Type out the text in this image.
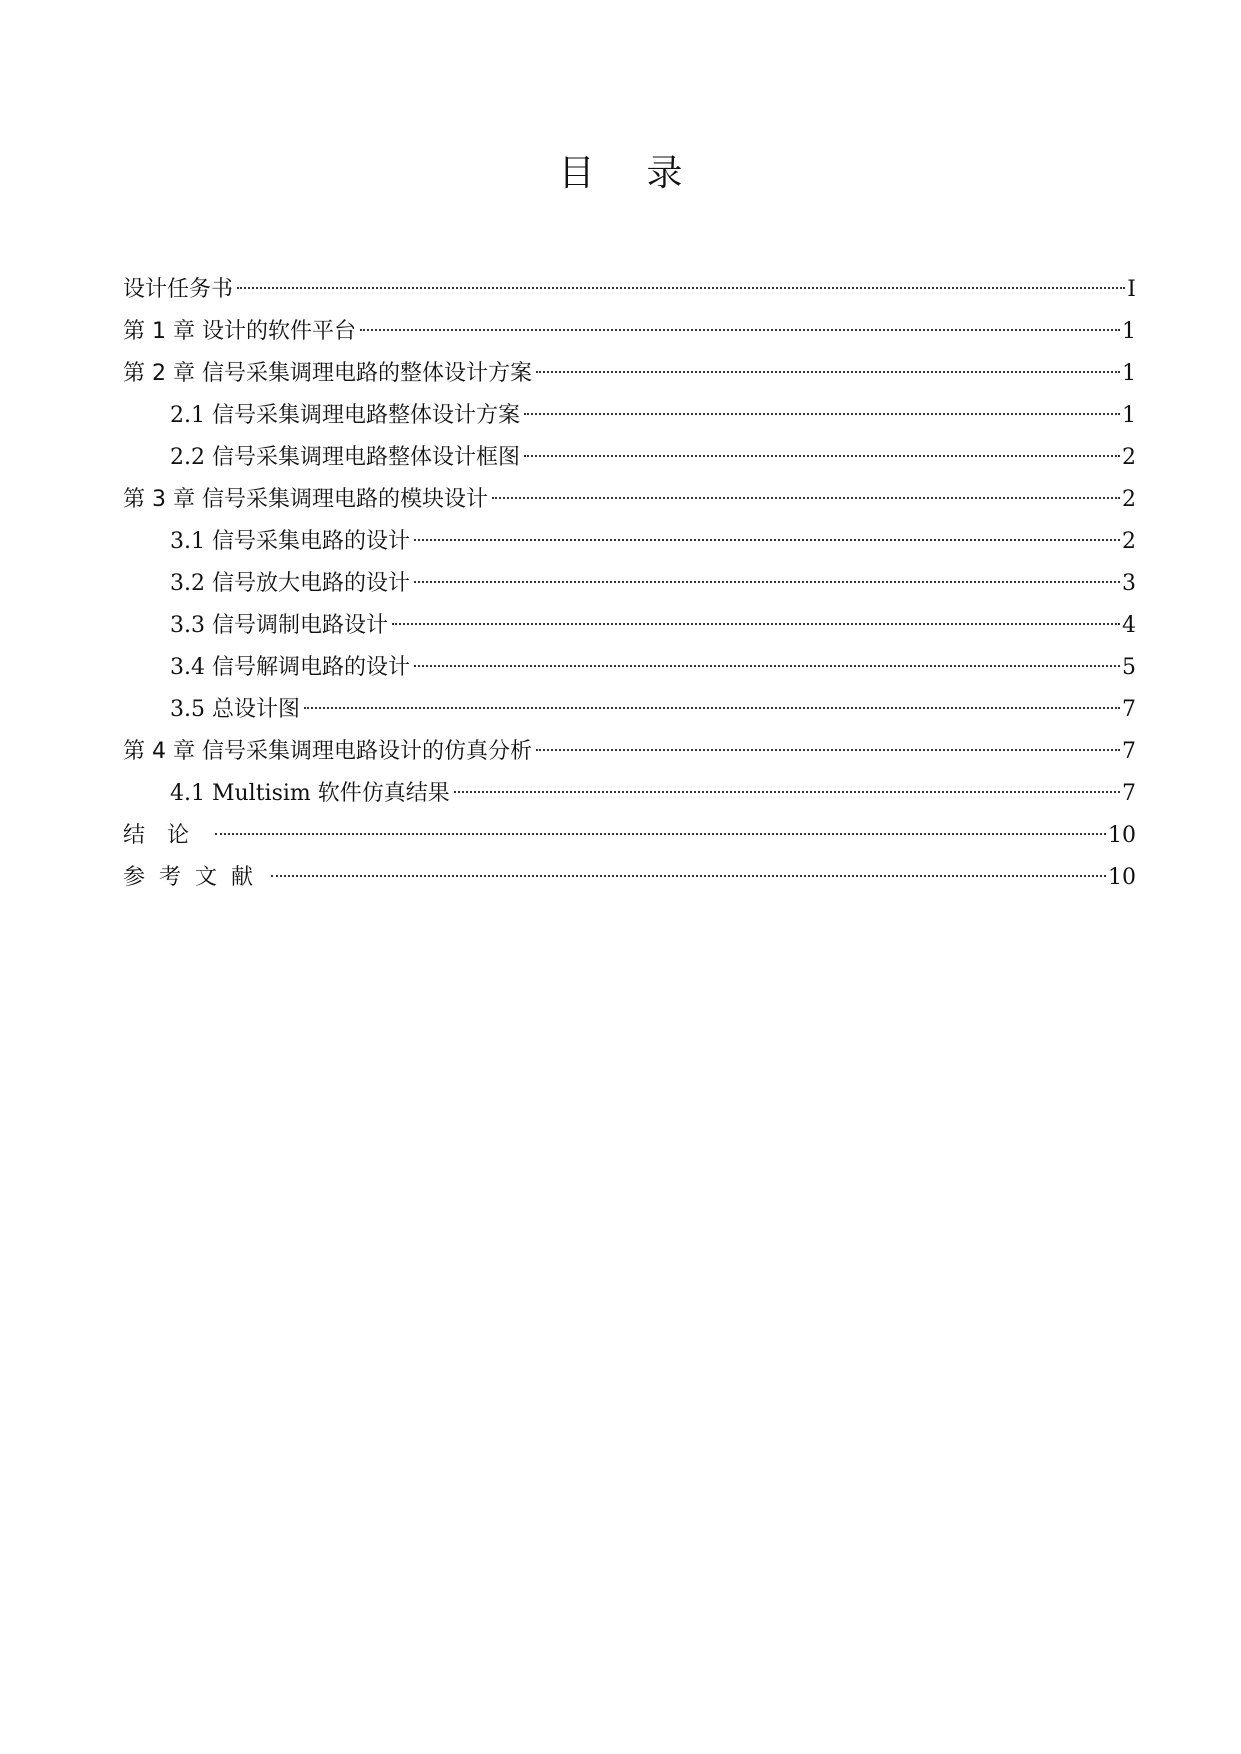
目录
设计任务书	I
第 1 章 设计的软件平台	1
第 2 章 信号采集调理电路的整体设计方案	1
2.1 信号采集调理电路整体设计方案	1
2.2 信号采集调理电路整体设计框图	2
第 3 章 信号采集调理电路的模块设计	2
3.1 信号采集电路的设计	2
3.2 信号放大电路的设计	3
3.3 信号调制电路设计	4
3.4 信号解调电路的设计	5
3.5 总设计图	7
第 4 章 信号采集调理电路设计的仿真分析	7
4.1 Multisim 软件仿真结果	7
结论	10
参考文献	10
